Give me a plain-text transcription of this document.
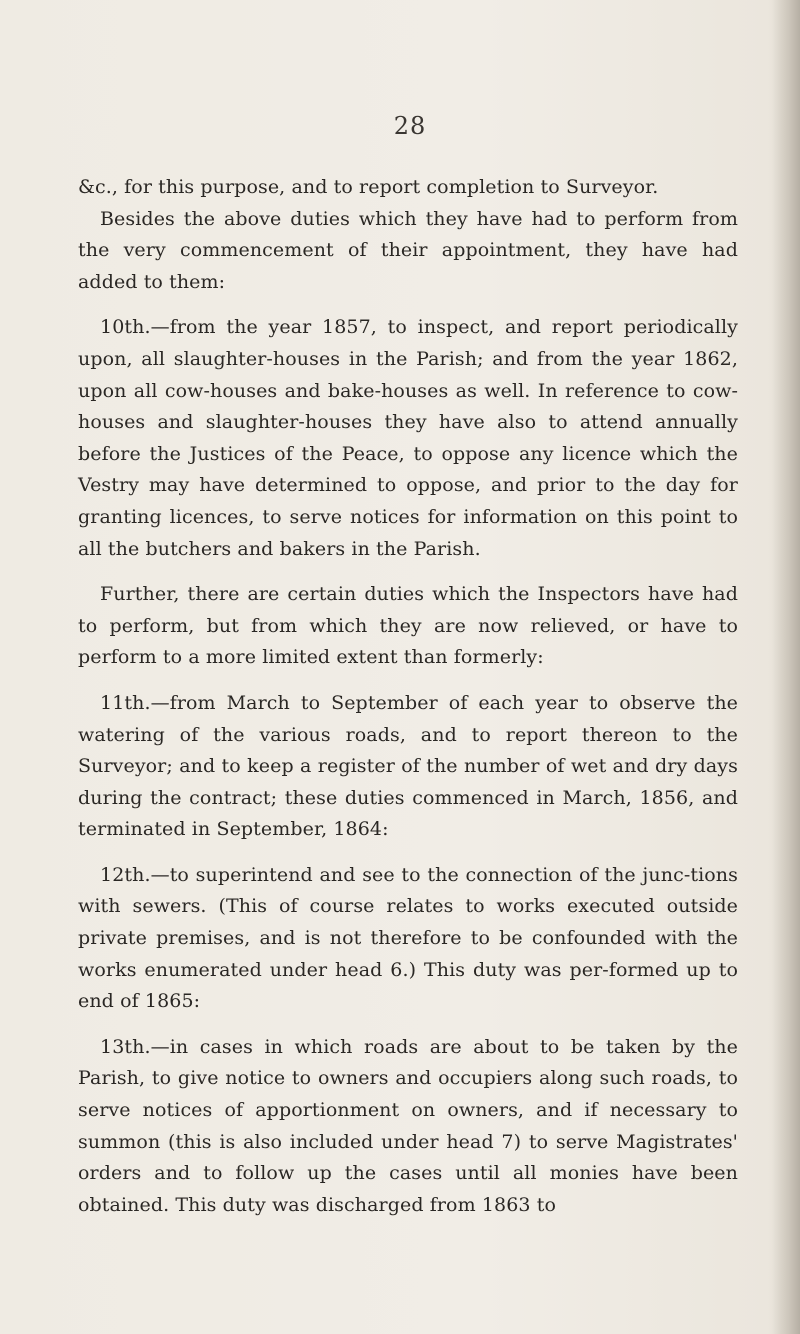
28

&c., for this purpose, and to report completion to Surveyor.

Besides the above duties which they have had to perform from the very commencement of their appointment, they have had added to them:

10th.—from the year 1857, to inspect, and report periodically upon, all slaughter-houses in the Parish; and from the year 1862, upon all cow-houses and bake-houses as well. In reference to cow-houses and slaughter-houses they have also to attend annually before the Justices of the Peace, to oppose any licence which the Vestry may have determined to oppose, and prior to the day for granting licences, to serve notices for information on this point to all the butchers and bakers in the Parish.

Further, there are certain duties which the Inspectors have had to perform, but from which they are now relieved, or have to perform to a more limited extent than formerly:

11th.—from March to September of each year to observe the watering of the various roads, and to report thereon to the Surveyor; and to keep a register of the number of wet and dry days during the contract; these duties commenced in March, 1856, and terminated in September, 1864:

12th.—to superintend and see to the connection of the junc-tions with sewers. (This of course relates to works executed outside private premises, and is not therefore to be confounded with the works enumerated under head 6.) This duty was per-formed up to end of 1865:

13th.—in cases in which roads are about to be taken by the Parish, to give notice to owners and occupiers along such roads, to serve notices of apportionment on owners, and if necessary to summon (this is also included under head 7) to serve Magistrates' orders and to follow up the cases until all monies have been obtained. This duty was discharged from 1863 to
